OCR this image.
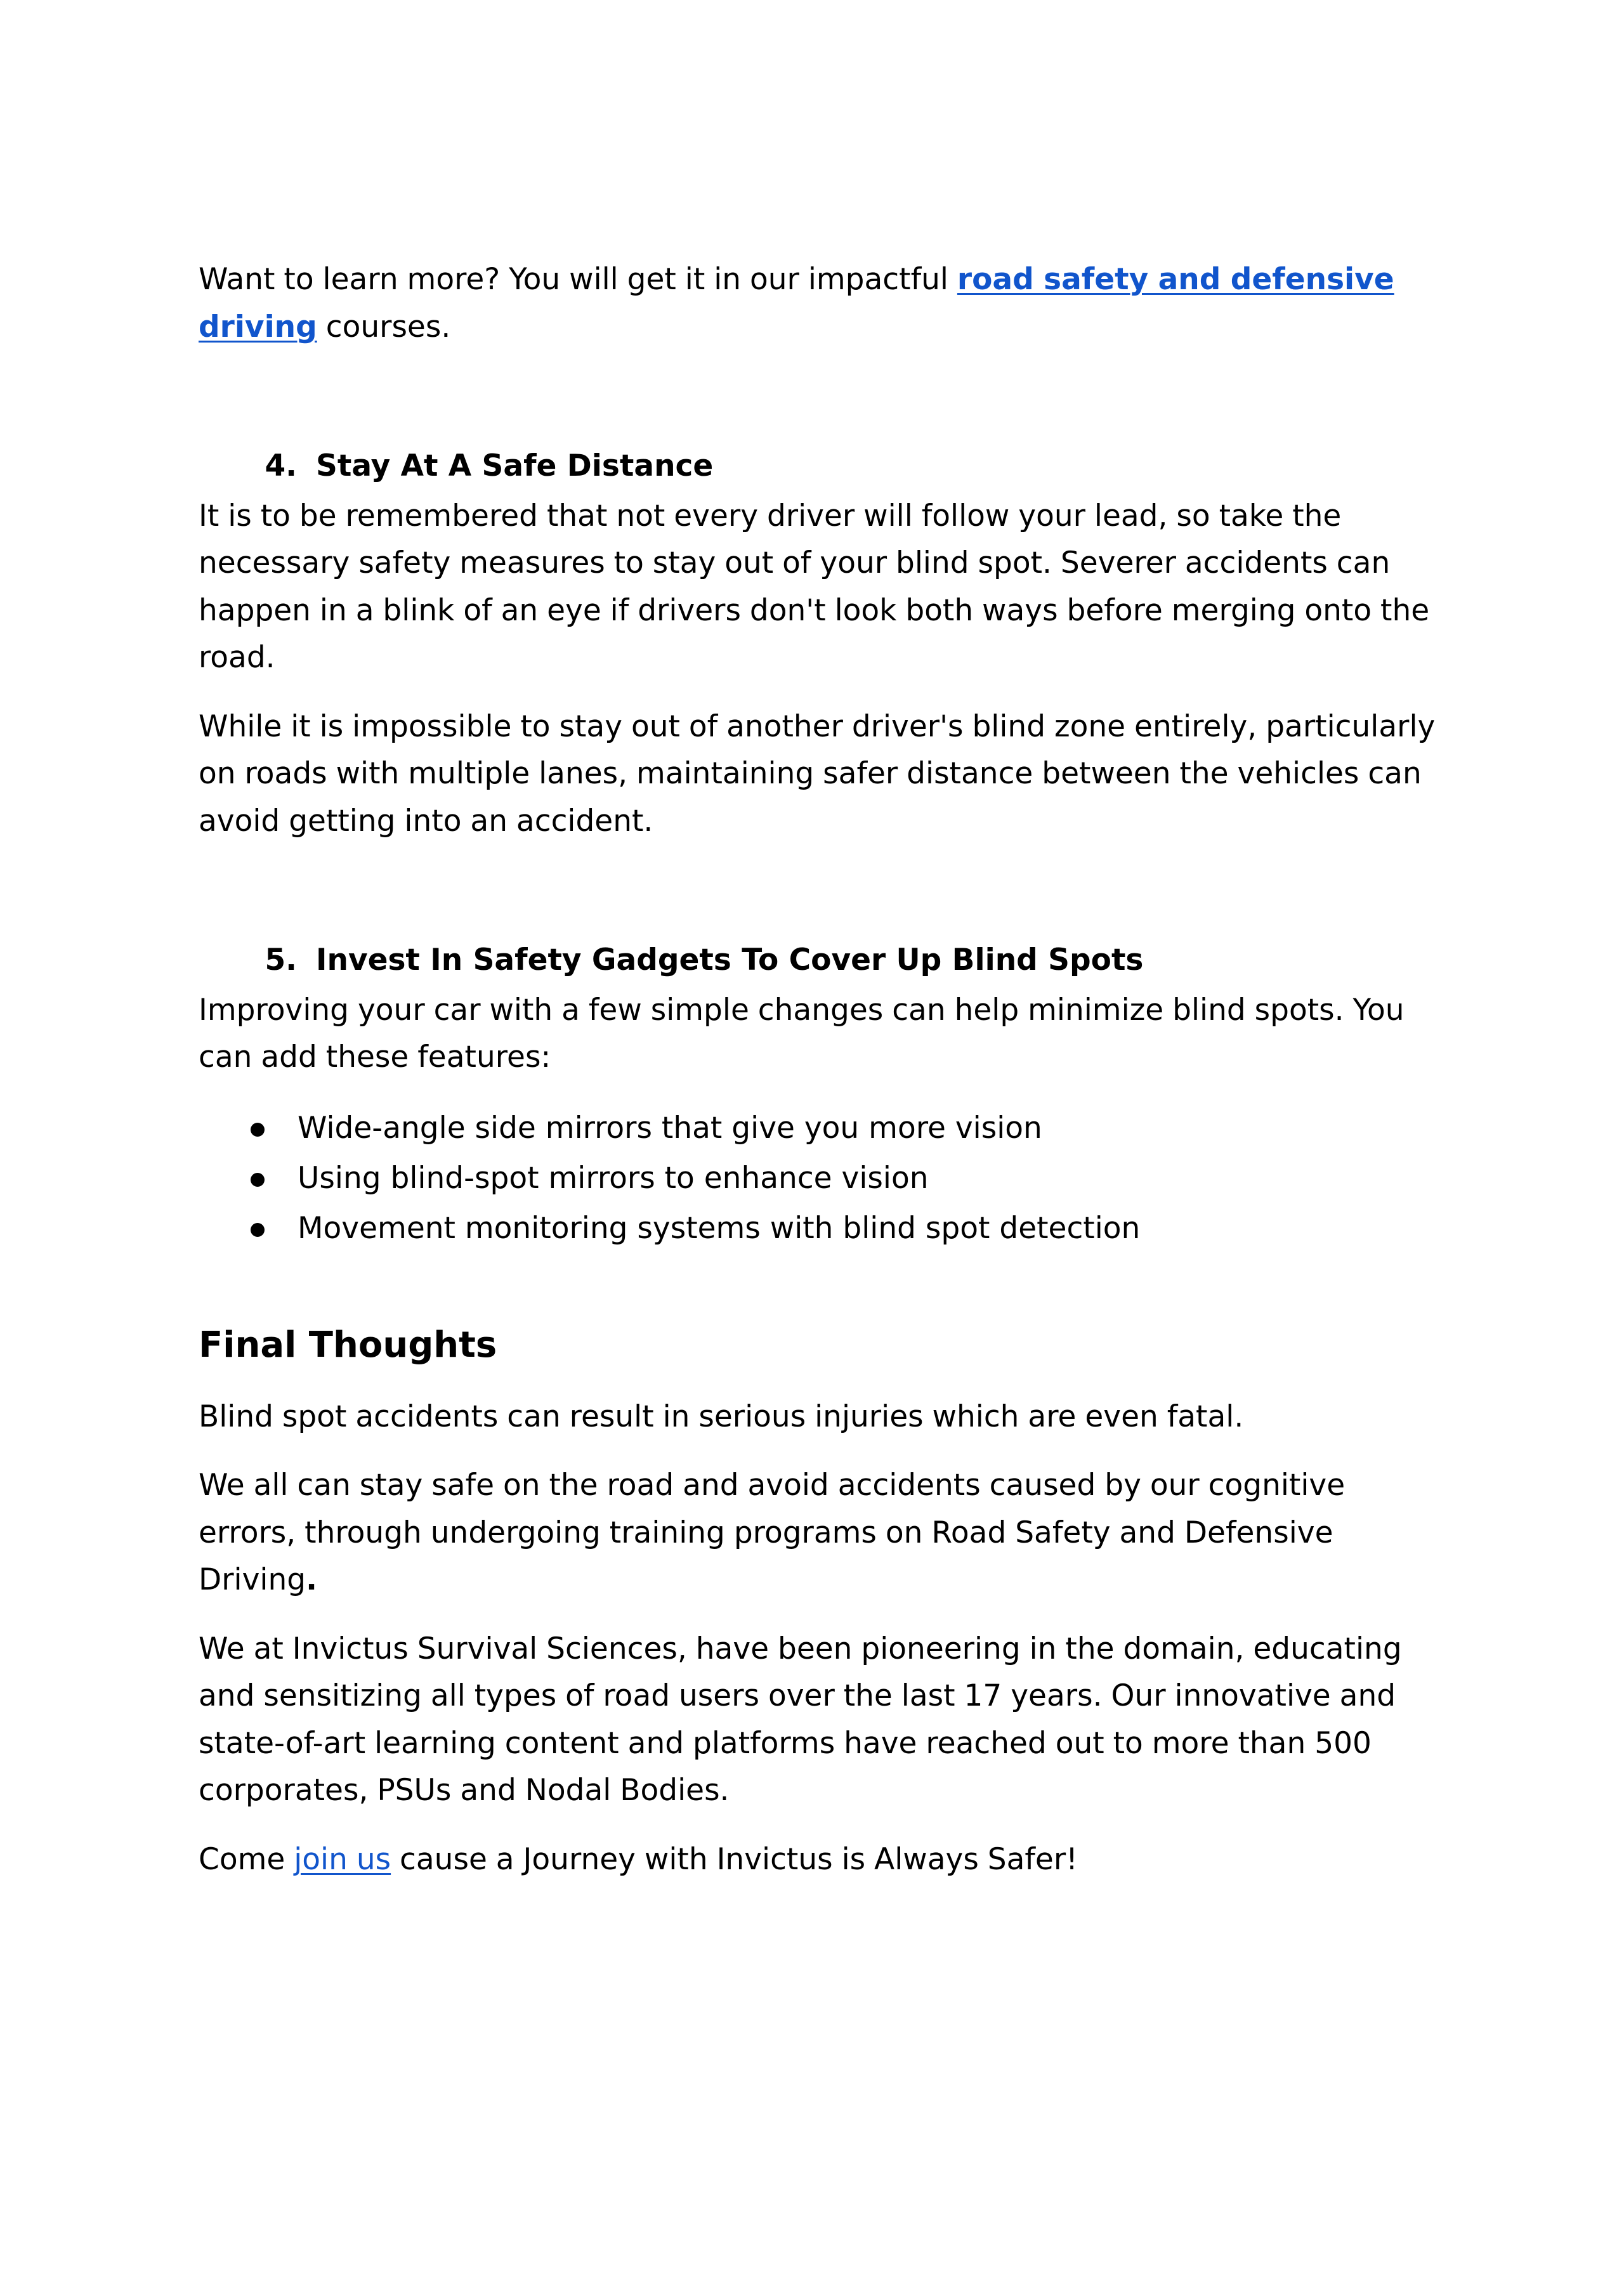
Want to learn more? You will get it in our impactful road safety and defensive driving courses.

4. Stay At A Safe Distance

It is to be remembered that not every driver will follow your lead, so take the necessary safety measures to stay out of your blind spot. Severer accidents can happen in a blink of an eye if drivers don't look both ways before merging onto the road.

While it is impossible to stay out of another driver's blind zone entirely, particularly on roads with multiple lanes, maintaining safer distance between the vehicles can avoid getting into an accident.

5. Invest In Safety Gadgets To Cover Up Blind Spots

Improving your car with a few simple changes can help minimize blind spots. You can add these features:

Wide-angle side mirrors that give you more vision
Using blind-spot mirrors to enhance vision
Movement monitoring systems with blind spot detection
Final Thoughts

Blind spot accidents can result in serious injuries which are even fatal.

We all can stay safe on the road and avoid accidents caused by our cognitive errors, through undergoing training programs on Road Safety and Defensive Driving.

We at Invictus Survival Sciences, have been pioneering in the domain, educating and sensitizing all types of road users over the last 17 years. Our innovative and state-of-art learning content and platforms have reached out to more than 500 corporates, PSUs and Nodal Bodies.

Come join us cause a Journey with Invictus is Always Safer!
